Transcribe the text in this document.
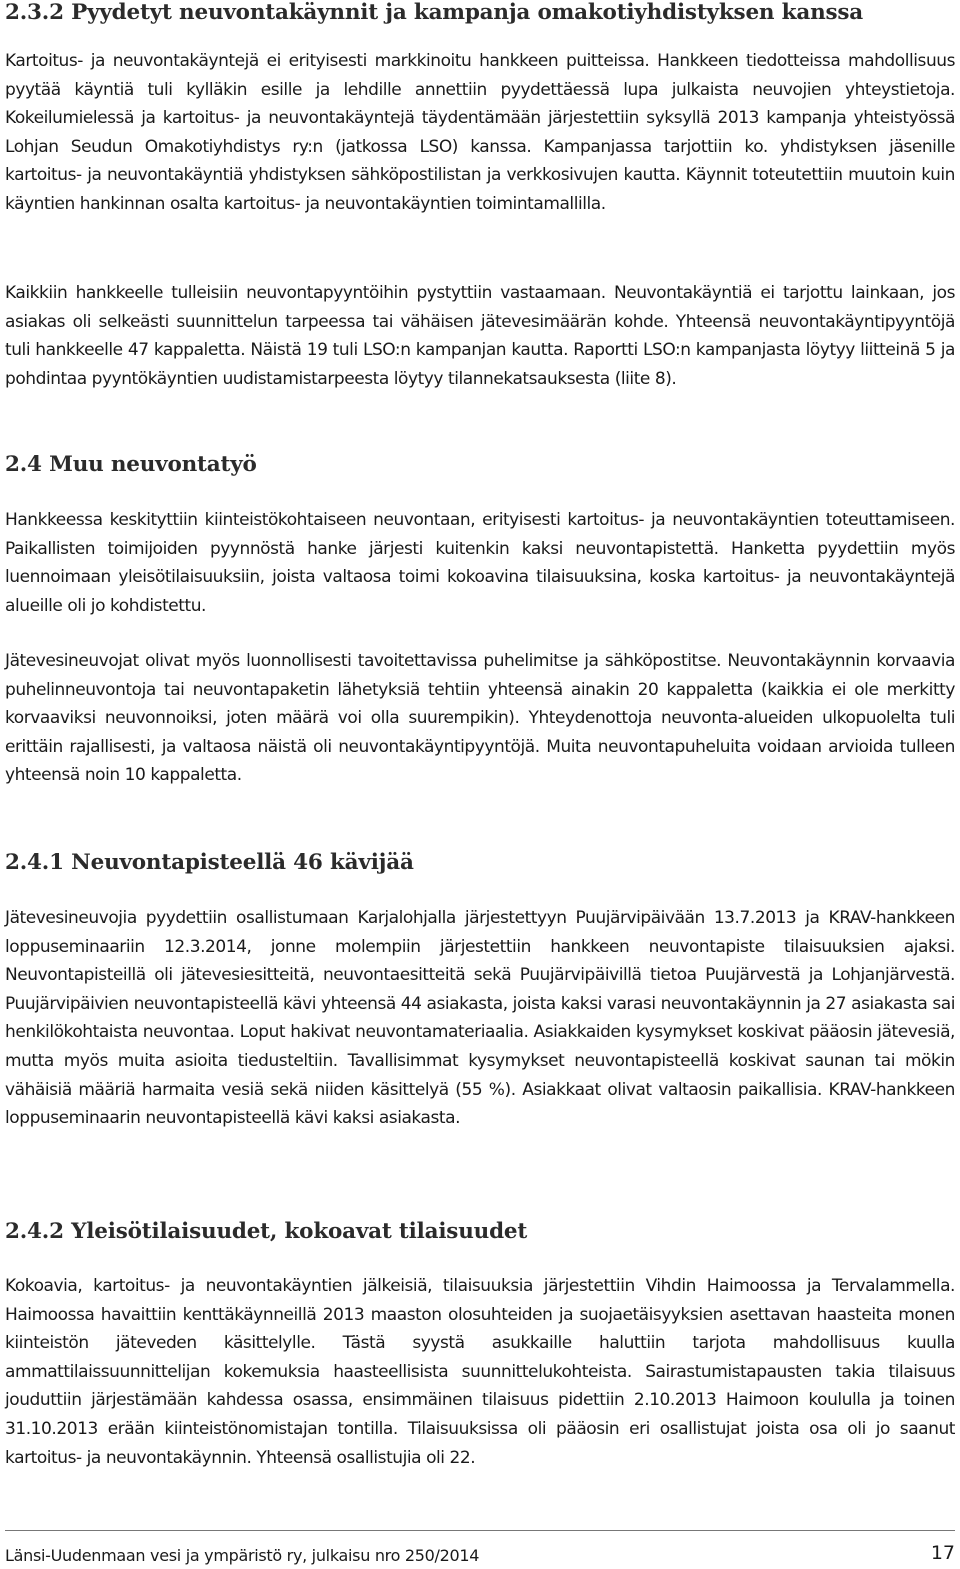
2.3.2 Pyydetyt neuvontakäynnit ja kampanja omakotiyhdistyksen kanssa

Kartoitus- ja neuvontakäyntejä ei erityisesti markkinoitu hankkeen puitteissa. Hankkeen tiedotteissa mahdollisuus pyytää käyntiä tuli kylläkin esille ja lehdille annettiin pyydettäessä lupa julkaista neuvojien yhteystietoja. Kokeilumielessä ja kartoitus- ja neuvontakäyntejä täydentämään järjestettiin syksyllä 2013 kampanja yhteistyössä Lohjan Seudun Omakotiyhdistys ry:n (jatkossa LSO) kanssa. Kampanjassa tarjottiin ko. yhdistyksen jäsenille kartoitus- ja neuvontakäyntiä yhdistyksen sähköpostilistan ja verkkosivujen kautta. Käynnit toteutettiin muutoin kuin käyntien hankinnan osalta kartoitus- ja neuvontakäyntien toimintamallilla.

Kaikkiin hankkeelle tulleisiin neuvontapyyntöihin pystyttiin vastaamaan. Neuvontakäyntiä ei tarjottu lainkaan, jos asiakas oli selkeästi suunnittelun tarpeessa tai vähäisen jätevesimäärän kohde. Yhteensä neuvontakäyntipyyntöjä tuli hankkeelle 47 kappaletta. Näistä 19 tuli LSO:n kampanjan kautta. Raportti LSO:n kampanjasta löytyy liitteinä 5 ja pohdintaa pyyntökäyntien uudistamistarpeesta löytyy tilannekatsauksesta (liite 8).

2.4 Muu neuvontatyö

Hankkeessa keskityttiin kiinteistökohtaiseen neuvontaan, erityisesti kartoitus- ja neuvontakäyntien toteuttamiseen. Paikallisten toimijoiden pyynnöstä hanke järjesti kuitenkin kaksi neuvontapistettä. Hanketta pyydettiin myös luennoimaan yleisötilaisuuksiin, joista valtaosa toimi kokoavina tilaisuuksina, koska kartoitus- ja neuvontakäyntejä alueille oli jo kohdistettu.

Jätevesineuvojat olivat myös luonnollisesti tavoitettavissa puhelimitse ja sähköpostitse. Neuvontakäynnin korvaavia puhelinneuvontoja tai neuvontapaketin lähetyksiä tehtiin yhteensä ainakin 20 kappaletta (kaikkia ei ole merkitty korvaaviksi neuvonnoiksi, joten määrä voi olla suurempikin). Yhteydenottoja neuvonta-alueiden ulkopuolelta tuli erittäin rajallisesti, ja valtaosa näistä oli neuvontakäyntipyyntöjä. Muita neuvontapuheluita voidaan arvioida tulleen yhteensä noin 10 kappaletta.

2.4.1 Neuvontapisteellä 46 kävijää

Jätevesineuvojia pyydettiin osallistumaan Karjalohjalla järjestettyyn Puujärvipäivään 13.7.2013 ja KRAV-hankkeen loppuseminaariin 12.3.2014, jonne molempiin järjestettiin hankkeen neuvontapiste tilaisuuksien ajaksi. Neuvontapisteillä oli jätevesiesitteitä, neuvontaesitteitä sekä Puujärvipäivillä tietoa Puujärvestä ja Lohjanjärvestä. Puujärvipäivien neuvontapisteellä kävi yhteensä 44 asiakasta, joista kaksi varasi neuvontakäynnin ja 27 asiakasta sai henkilökohtaista neuvontaa. Loput hakivat neuvontamateriaalia. Asiakkaiden kysymykset koskivat pääosin jätevesiä, mutta myös muita asioita tiedusteltiin. Tavallisimmat kysymykset neuvontapisteellä koskivat saunan tai mökin vähäisiä määriä harmaita vesiä sekä niiden käsittelyä (55 %). Asiakkaat olivat valtaosin paikallisia. KRAV-hankkeen loppuseminaarin neuvontapisteellä kävi kaksi asiakasta.

2.4.2 Yleisötilaisuudet, kokoavat tilaisuudet

Kokoavia, kartoitus- ja neuvontakäyntien jälkeisiä, tilaisuuksia järjestettiin Vihdin Haimoossa ja Tervalammella. Haimoossa havaittiin kenttäkäynneillä 2013 maaston olosuhteiden ja suojaetäisyyksien asettavan haasteita monen kiinteistön jäteveden käsittelylle. Tästä syystä asukkaille haluttiin tarjota mahdollisuus kuulla ammattilaissuunnittelijan kokemuksia haasteellisista suunnittelukohteista. Sairastumistapausten takia tilaisuus jouduttiin järjestämään kahdessa osassa, ensimmäinen tilaisuus pidettiin 2.10.2013 Haimoon koululla ja toinen 31.10.2013 erään kiinteistönomistajan tontilla. Tilaisuuksissa oli pääosin eri osallistujat joista osa oli jo saanut kartoitus- ja neuvontakäynnin. Yhteensä osallistujia oli 22.

Länsi-Uudenmaan vesi ja ympäristö ry, julkaisu nro 250/2014	17
